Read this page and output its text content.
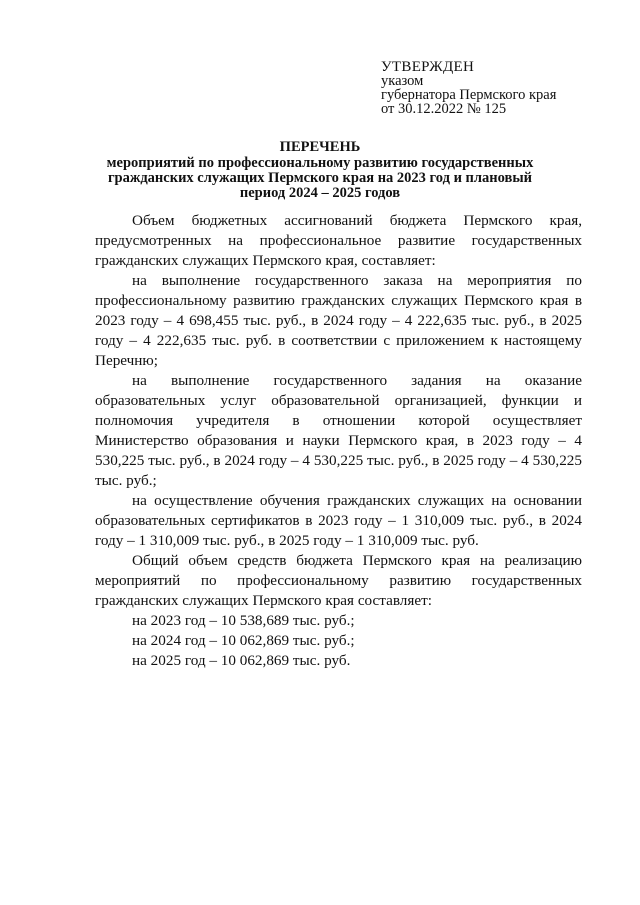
УТВЕРЖДЕН
указом
губернатора Пермского края
от 30.12.2022 № 125
ПЕРЕЧЕНЬ
мероприятий по профессиональному развитию государственных гражданских служащих Пермского края на 2023 год и плановый период 2024 – 2025 годов

Объем бюджетных ассигнований бюджета Пермского края, предусмотренных на профессиональное развитие государственных гражданских служащих Пермского края, составляет:

на выполнение государственного заказа на мероприятия по профессиональному развитию гражданских служащих Пермского края в 2023 году – 4 698,455 тыс. руб., в 2024 году – 4 222,635 тыс. руб., в 2025 году – 4 222,635 тыс. руб. в соответствии с приложением к настоящему Перечню;

на выполнение государственного задания на оказание образовательных услуг образовательной организацией, функции и полномочия учредителя в отношении которой осуществляет Министерство образования и науки Пермского края, в 2023 году – 4 530,225 тыс. руб., в 2024 году – 4 530,225 тыс. руб., в 2025 году – 4 530,225 тыс. руб.;

на осуществление обучения гражданских служащих на основании образовательных сертификатов в 2023 году – 1 310,009 тыс. руб., в 2024 году – 1 310,009 тыс. руб., в 2025 году – 1 310,009 тыс. руб.

Общий объем средств бюджета Пермского края на реализацию мероприятий по профессиональному развитию государственных гражданских служащих Пермского края составляет:

на 2023 год – 10 538,689 тыс. руб.;

на 2024 год – 10 062,869 тыс. руб.;

на 2025 год – 10 062,869 тыс. руб.
